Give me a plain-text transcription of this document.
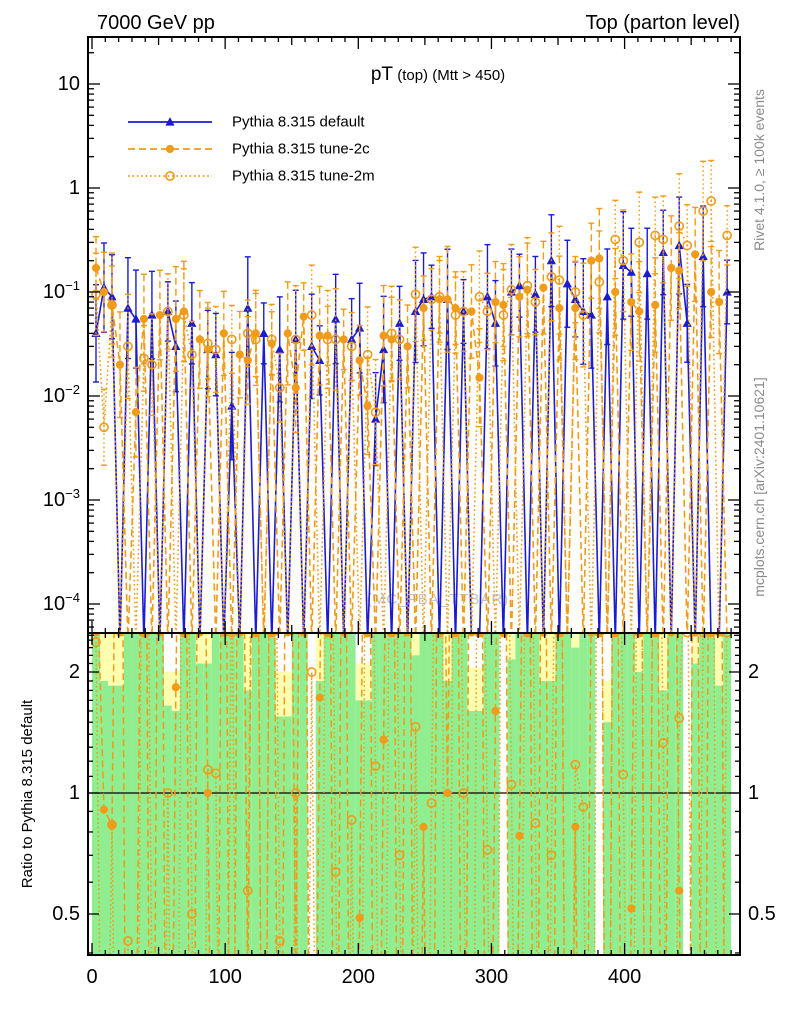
(MC_FBA_TTBAR)
0	100	200	300	400
10
1
$10^{-1}$
$10^{-2}$
$10^{-3}$
$10^{-4}$
2	2
1	1
0.5	0.5
7000 GeV pp	Top (parton level)
pT (top) (Mtt > 450)
Pythia 8.315 default
Pythia 8.315 tune-2c
Pythia 8.315 tune-2m	Rivet 4.1.0, ≥ 100k events
mcplots.cern.ch [arXiv:2401.10621]
Ratio to Pythia 8.315 default
